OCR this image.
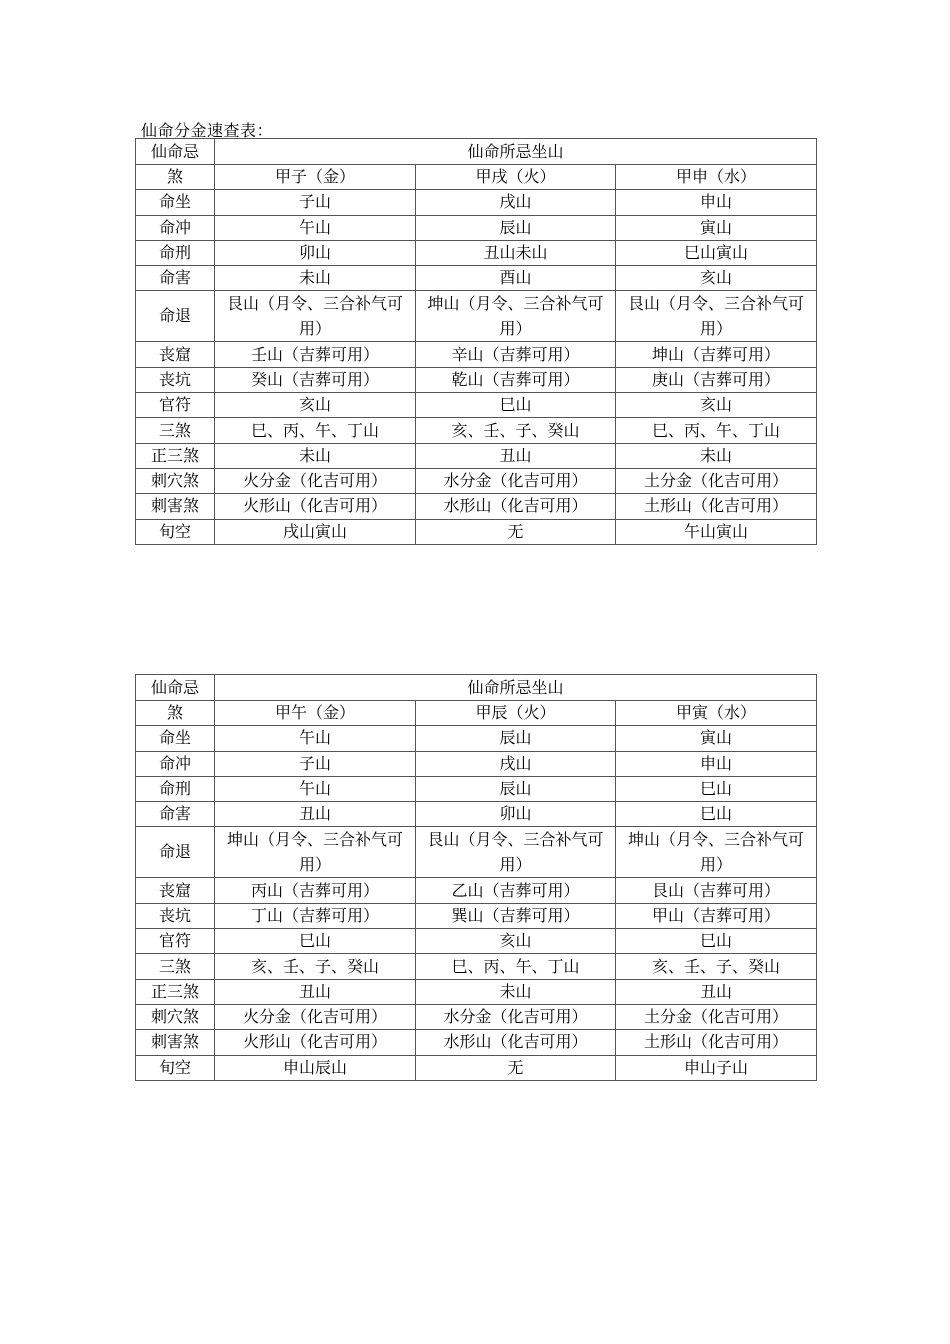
仙命分金速查表：
仙命忌	仙命所忌坐山		
煞	甲子（金）	甲戌（火）	甲申（水）
命坐	子山	戌山	申山
命冲	午山	辰山	寅山
命刑	卯山	丑山未山	巳山寅山
命害	未山	酉山	亥山
命退	艮山（月令、三合补气可用）	坤山（月令、三合补气可用）	艮山（月令、三合补气可用）
丧窟	壬山（吉葬可用）	辛山（吉葬可用）	坤山（吉葬可用）
丧坑	癸山（吉葬可用）	乾山（吉葬可用）	庚山（吉葬可用）
官符	亥山	巳山	亥山
三煞	巳、丙、午、丁山	亥、壬、子、癸山	巳、丙、午、丁山
正三煞	未山	丑山	未山
刺穴煞	火分金（化吉可用）	水分金（化吉可用）	土分金（化吉可用）
刺害煞	火形山（化吉可用）	水形山（化吉可用）	土形山（化吉可用）
旬空	戌山寅山	无	午山寅山
仙命忌	仙命所忌坐山		
煞	甲午（金）	甲辰（火）	甲寅（水）
命坐	午山	辰山	寅山
命冲	子山	戌山	申山
命刑	午山	辰山	巳山
命害	丑山	卯山	巳山
命退	坤山（月令、三合补气可用）	艮山（月令、三合补气可用）	坤山（月令、三合补气可用）
丧窟	丙山（吉葬可用）	乙山（吉葬可用）	艮山（吉葬可用）
丧坑	丁山（吉葬可用）	巽山（吉葬可用）	甲山（吉葬可用）
官符	巳山	亥山	巳山
三煞	亥、壬、子、癸山	巳、丙、午、丁山	亥、壬、子、癸山
正三煞	丑山	未山	丑山
刺穴煞	火分金（化吉可用）	水分金（化吉可用）	土分金（化吉可用）
刺害煞	火形山（化吉可用）	水形山（化吉可用）	土形山（化吉可用）
旬空	申山辰山	无	申山子山
